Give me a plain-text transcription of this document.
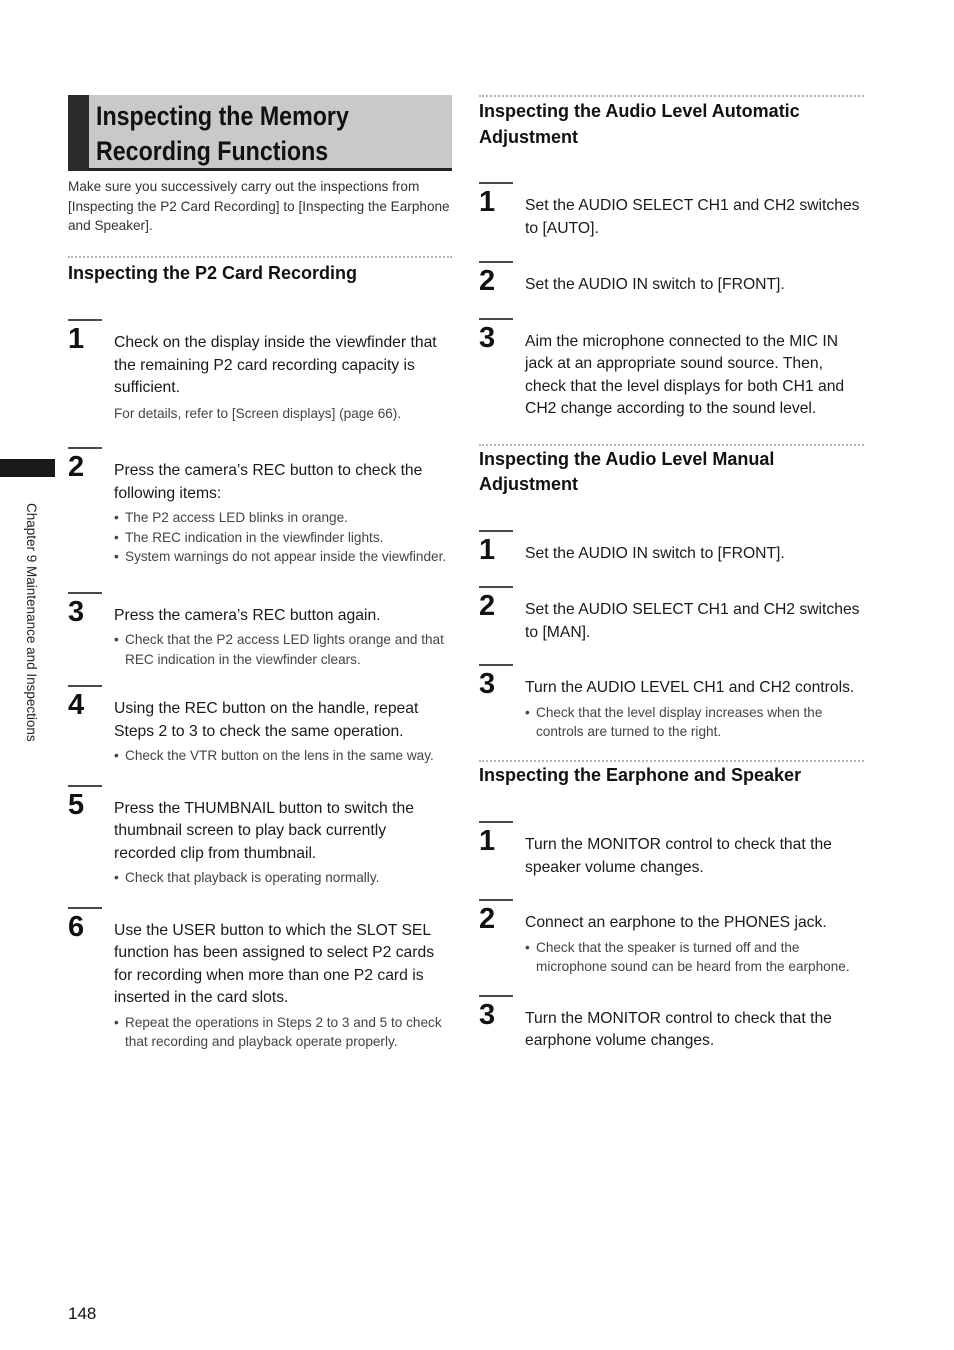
Chapter 9 Maintenance and Inspections
Inspecting the Memory Recording Functions
Make sure you successively carry out the inspections from [Inspecting the P2 Card Recording] to [Inspecting the Earphone and Speaker].
Inspecting the P2 Card Recording
1	Check on the display inside the viewfinder that the remaining P2 card recording capacity is sufficient.
For details, refer to [Screen displays] (page 66).
2	Press the camera’s REC button to check the following items:
• The P2 access LED blinks in orange.
• The REC indication in the viewfinder lights.
• System warnings do not appear inside the viewfinder.
3	Press the camera’s REC button again.
• Check that the P2 access LED lights orange and that REC indication in the viewfinder clears.
4	Using the REC button on the handle, repeat Steps 2 to 3 to check the same operation.
• Check the VTR button on the lens in the same way.
5	Press the THUMBNAIL button to switch the thumbnail screen to play back currently recorded clip from thumbnail.
• Check that playback is operating normally.
6	Use the USER button to which the SLOT SEL function has been assigned to select P2 cards for recording when more than one P2 card is inserted in the card slots.
• Repeat the operations in Steps 2 to 3 and 5 to check that recording and playback operate properly.
Inspecting the Audio Level Automatic Adjustment
1	Set the AUDIO SELECT CH1 and CH2 switches to [AUTO].
2	Set the AUDIO IN switch to [FRONT].
3	Aim the microphone connected to the MIC IN jack at an appropriate sound source. Then, check that the level displays for both CH1 and CH2 change according to the sound level.
Inspecting the Audio Level Manual Adjustment
1	Set the AUDIO IN switch to [FRONT].
2	Set the AUDIO SELECT CH1 and CH2 switches to [MAN].
3	Turn the AUDIO LEVEL CH1 and CH2 controls.
• Check that the level display increases when the controls are turned to the right.
Inspecting the Earphone and Speaker
1	Turn the MONITOR control to check that the speaker volume changes.
2	Connect an earphone to the PHONES jack.
• Check that the speaker is turned off and the microphone sound can be heard from the earphone.
3	Turn the MONITOR control to check that the earphone volume changes.
148
